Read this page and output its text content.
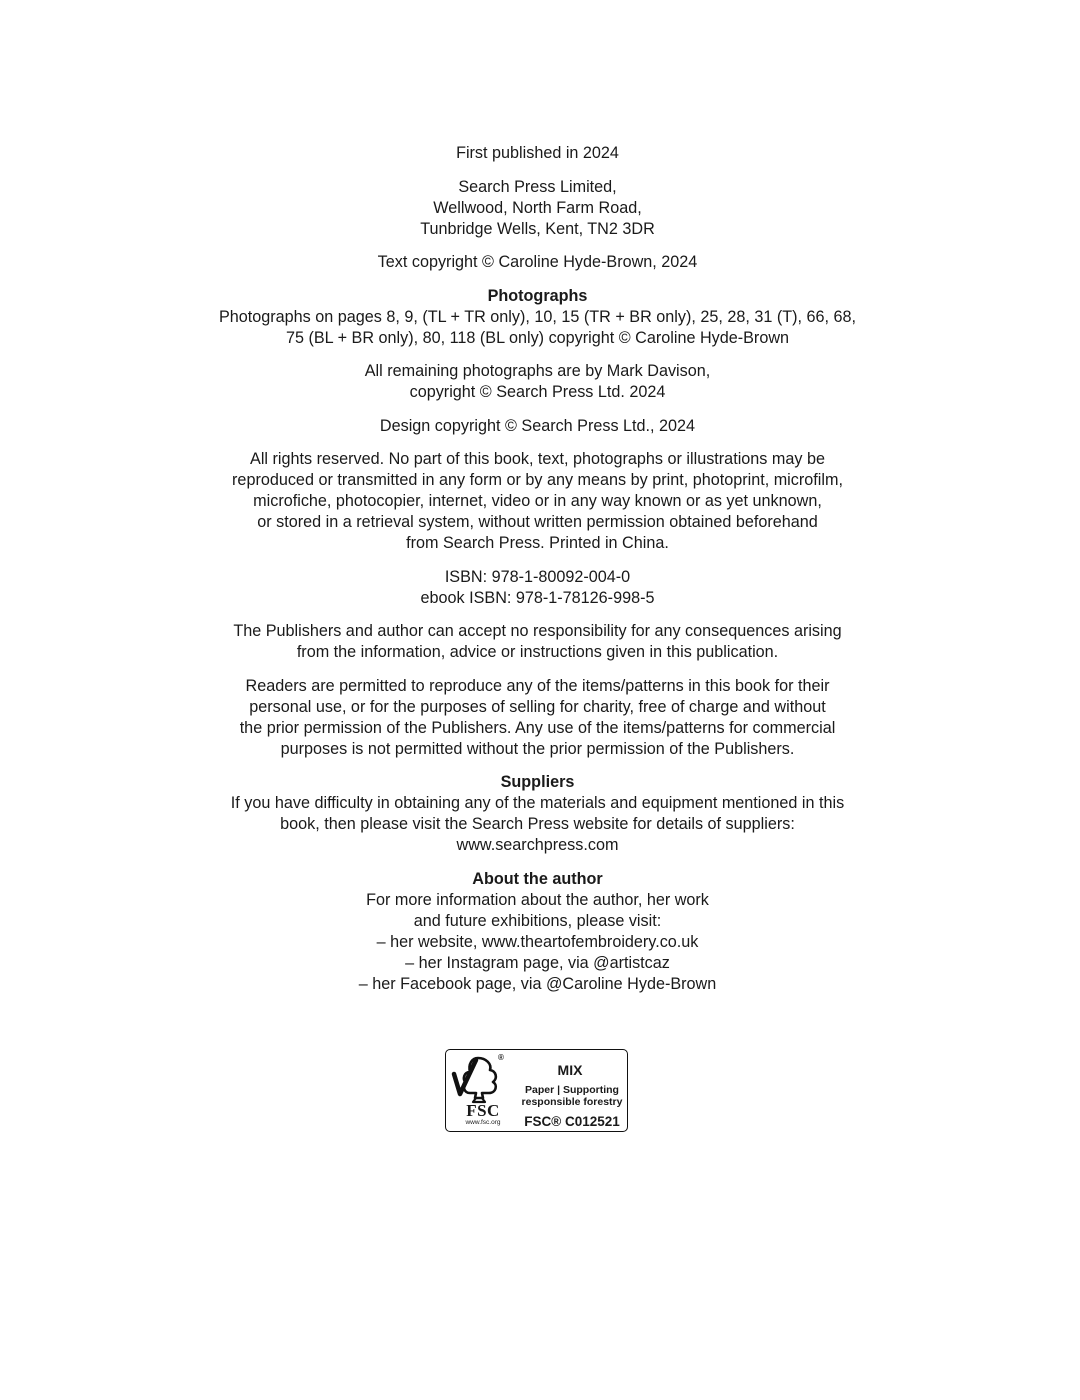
First published in 2024

Search Press Limited,

Wellwood, North Farm Road,

Tunbridge Wells, Kent, TN2 3DR

Text copyright © Caroline Hyde-Brown, 2024

Photographs

Photographs on pages 8, 9, (TL + TR only), 10, 15 (TR + BR only), 25, 28, 31 (T), 66, 68,

75 (BL + BR only), 80, 118 (BL only) copyright © Caroline Hyde-Brown

All remaining photographs are by Mark Davison,

copyright © Search Press Ltd. 2024

Design copyright © Search Press Ltd., 2024

All rights reserved. No part of this book, text, photographs or illustrations may be

reproduced or transmitted in any form or by any means by print, photoprint, microfilm,

microfiche, photocopier, internet, video or in any way known or as yet unknown,

or stored in a retrieval system, without written permission obtained beforehand

from Search Press. Printed in China.

ISBN: 978-1-80092-004-0

ebook ISBN: 978-1-78126-998-5

The Publishers and author can accept no responsibility for any consequences arising

from the information, advice or instructions given in this publication.

Readers are permitted to reproduce any of the items/patterns in this book for their

personal use, or for the purposes of selling for charity, free of charge and without

the prior permission of the Publishers. Any use of the items/patterns for commercial

purposes is not permitted without the prior permission of the Publishers.

Suppliers

If you have difficulty in obtaining any of the materials and equipment mentioned in this

book, then please visit the Search Press website for details of suppliers:

www.searchpress.com

About the author

For more information about the author, her work

and future exhibitions, please visit:

– her website, www.theartofembroidery.co.uk

– her Instagram page, via @artistcaz

– her Facebook page, via @Caroline Hyde-Brown

FSC
www.fsc.org
®
MIX
Paper | Supporting
responsible forestry
FSC® C012521
